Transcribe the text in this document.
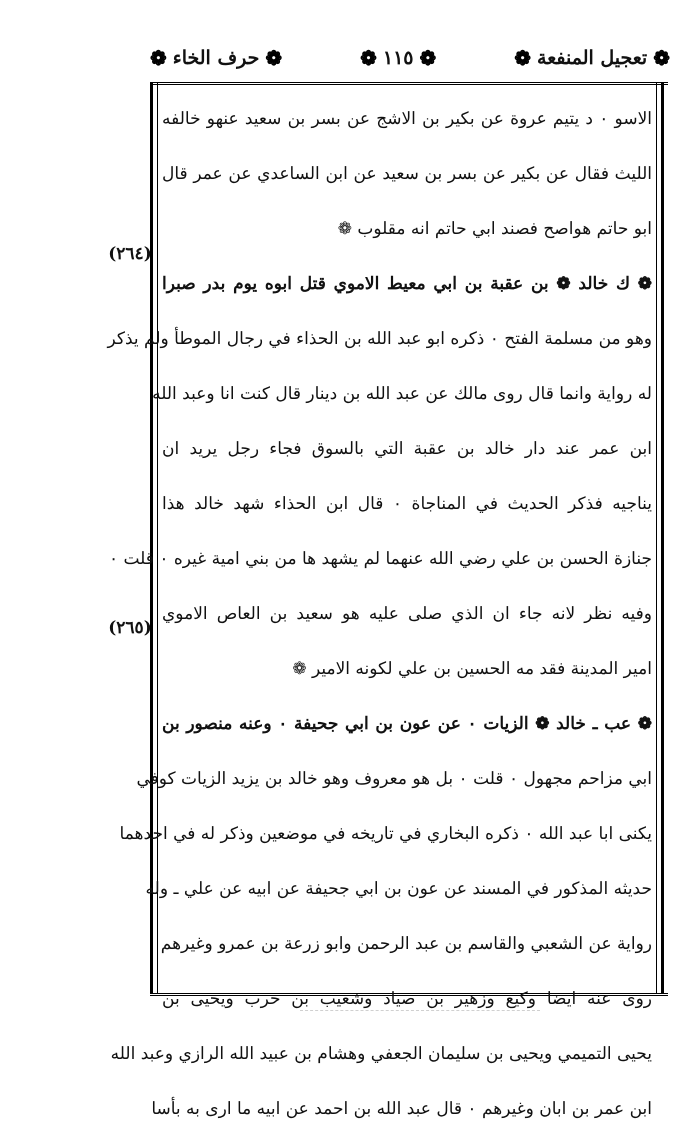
❁
تعجيل المنفعة
❁
❁
١١٥
❁
❁
حرف الخاء
❁
(٢٦٤)
(٢٦٥)
الاسو ٠ د يتيم عروة عن بكير بن الاشج عن بسر بن سعيد عنهو خالفه
الليث فقال عن بكير عن بسر بن سعيد عن ابن الساعدي عن عمر قال
ابو حاتم هواصح فصند ابي حاتم انه مقلوب ❁
❁ ك خالد ❁ بن عقبة بن ابي معيط الاموي قتل ابوه يوم بدر صبرا
وهو من مسلمة الفتح ٠ ذكره ابو عبد الله بن الحذاء في رجال الموطأ ولم يذكر
له رواية وانما قال روى مالك عن عبد الله بن دينار قال كنت انا وعبد الله
ابن عمر عند دار خالد بن عقبة التي بالسوق فجاء رجل يريد ان
يناجيه فذكر الحديث في المناجاة ٠ قال ابن الحذاء شهد خالد هذا
جنازة الحسن بن علي رضي الله عنهما لم يشهد ها من بني امية غيره ٠ قلت ٠
وفيه نظر لانه جاء ان الذي صلى عليه هو سعيد بن العاص الاموي
امير المدينة فقد مه الحسين بن علي لكونه الامير ❁
❁ عب ـ خالد ❁ الزيات ٠ عن عون بن ابي جحيفة ٠ وعنه منصور بن
ابي مزاحم مجهول ٠ قلت ٠ بل هو معروف وهو خالد بن يزيد الزيات كوفي
يكنى ابا عبد الله ٠ ذكره البخاري في تاريخه في موضعين وذكر له في احدهما
حديثه المذكور في المسند عن عون بن ابي جحيفة عن ابيه عن علي ـ وله
رواية عن الشعبي والقاسم بن عبد الرحمن وابو زرعة بن عمرو وغيرهم
روى عنه ايضا وكيع وزهير بن صياد وشعيب بن حرب ويحيى بن
يحيى التميمي ويحيى بن سليمان الجعفي وهشام بن عبيد الله الرازي وعبد الله
ابن عمر بن ابان وغيرهم ٠ قال عبد الله بن احمد عن ابيه ما ارى به بأسا
